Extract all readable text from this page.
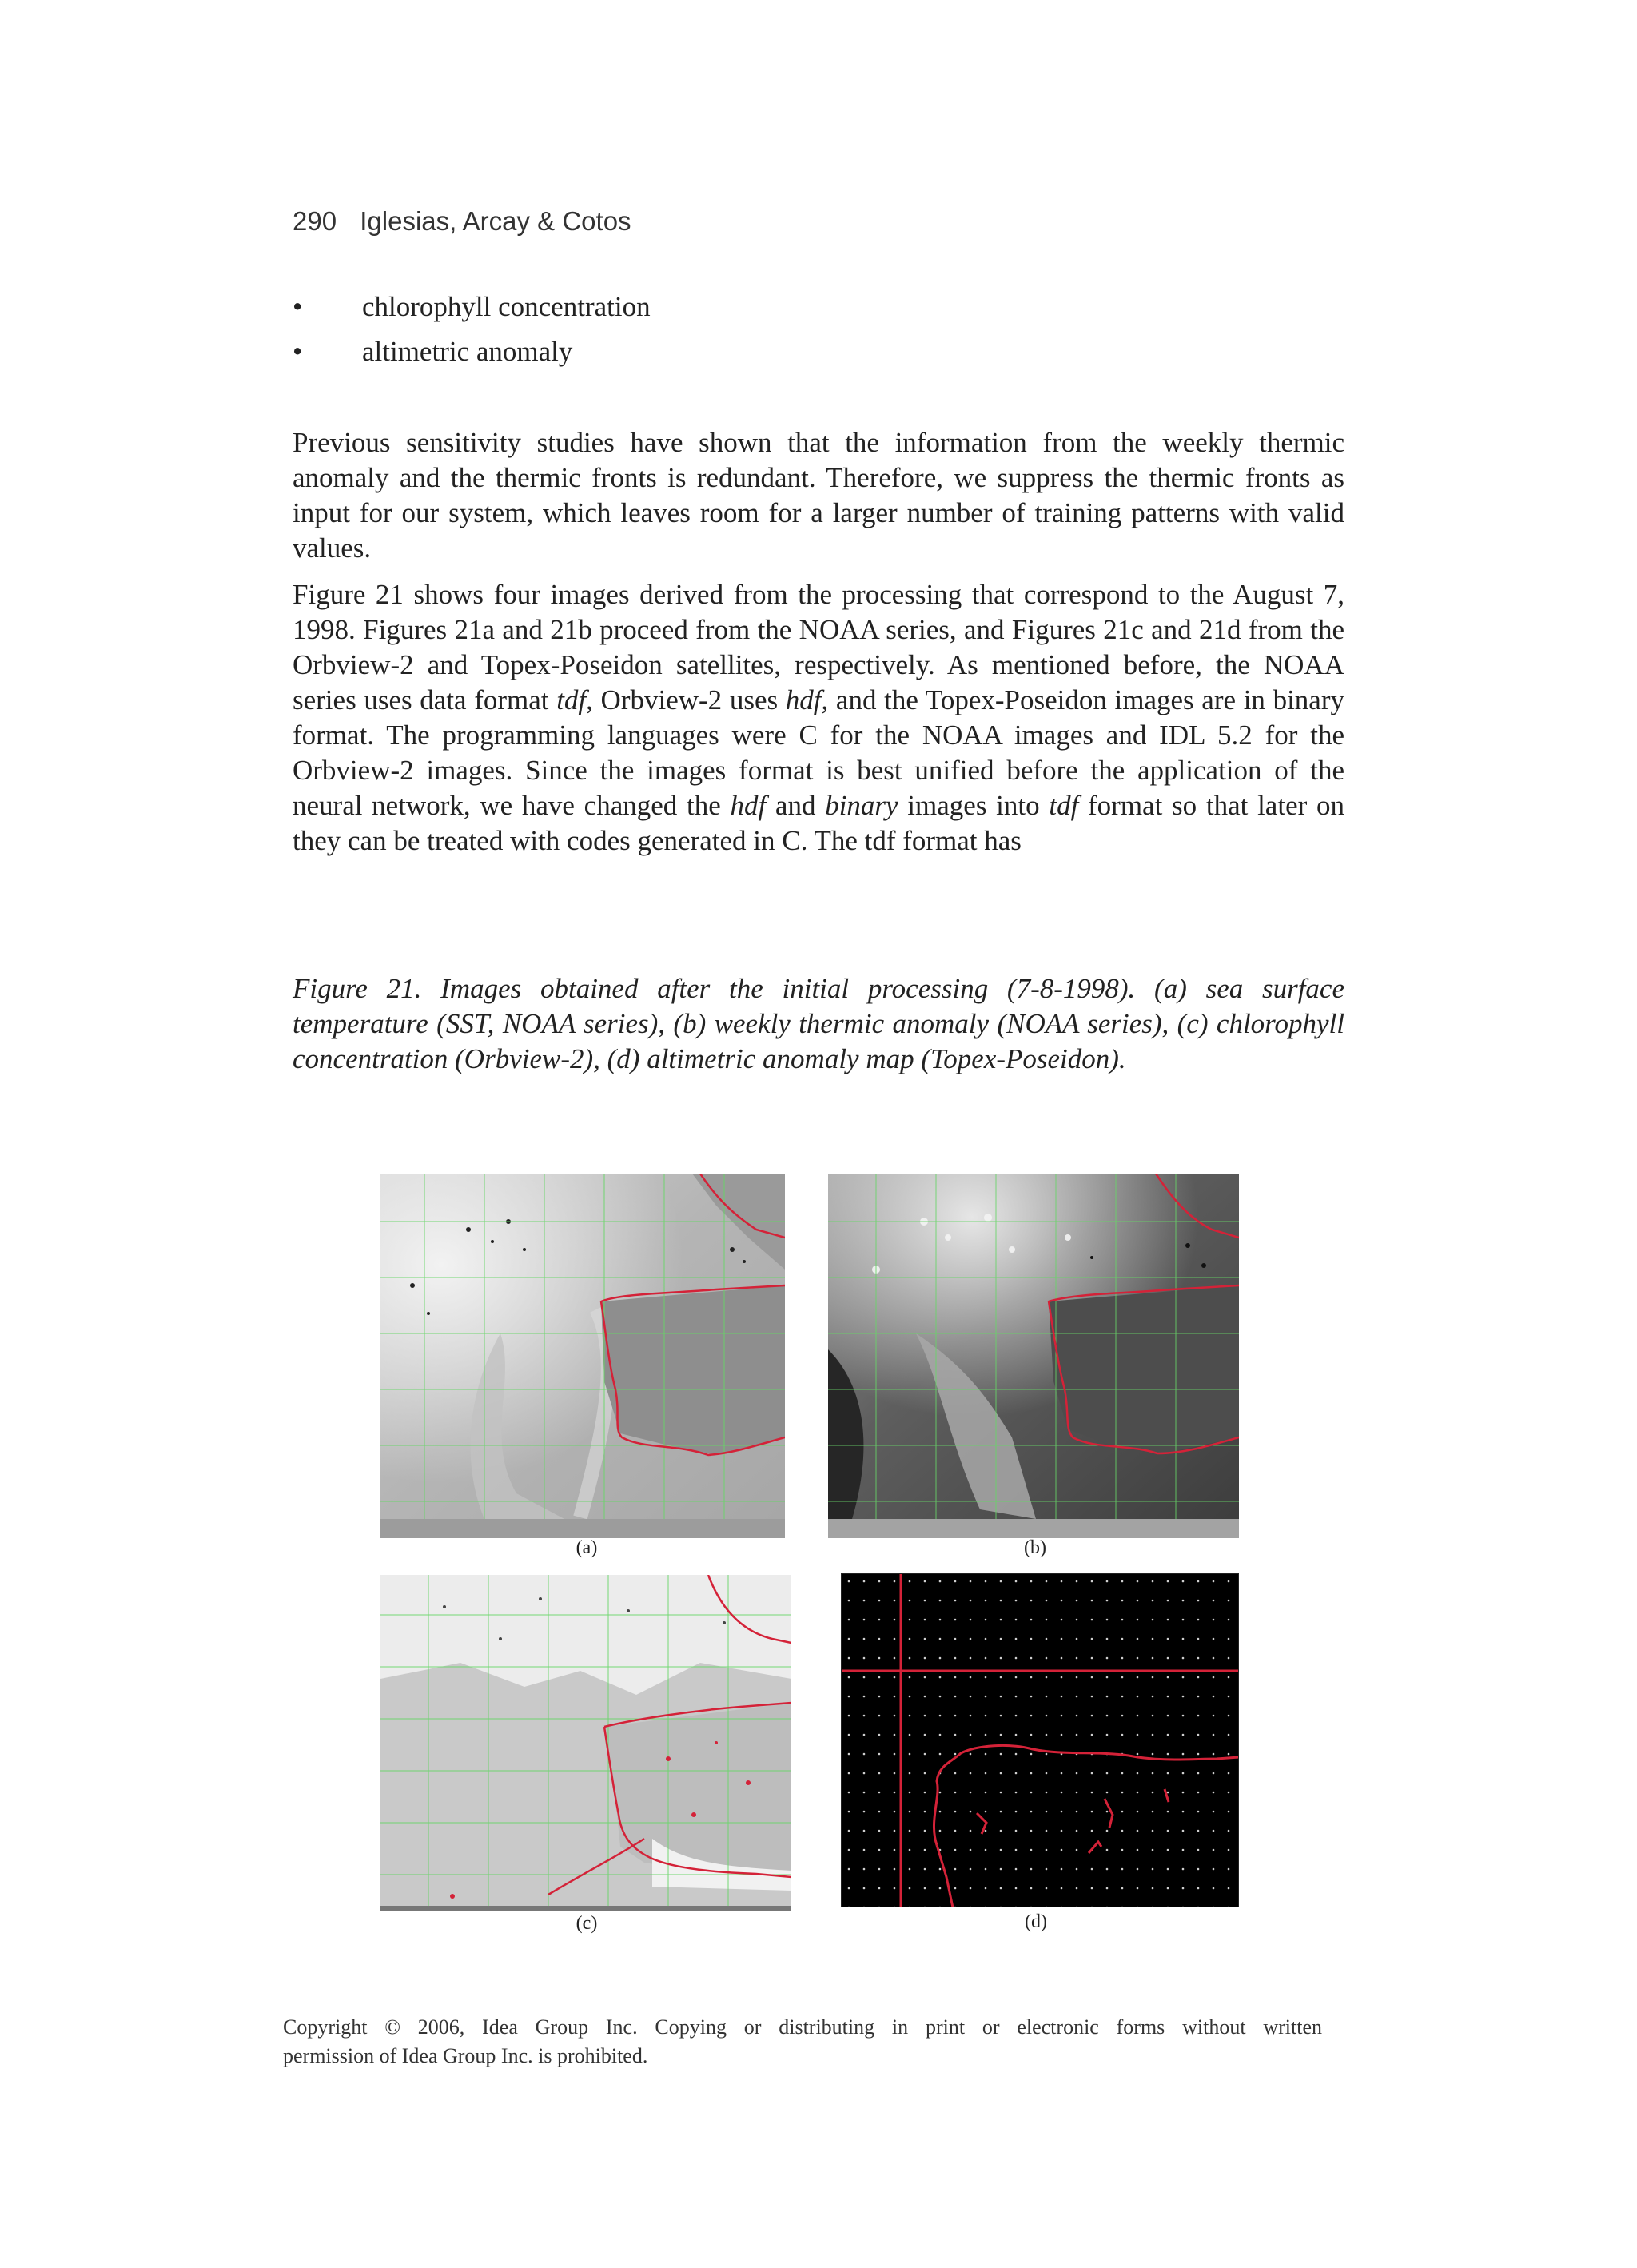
290 Iglesias, Arcay & Cotos
• chlorophyll concentration
• altimetric anomaly

Previous sensitivity studies have shown that the information from the weekly thermic anomaly and the thermic fronts is redundant. Therefore, we suppress the thermic fronts as input for our system, which leaves room for a larger number of training patterns with valid values.

Figure 21 shows four images derived from the processing that correspond to the August 7, 1998. Figures 21a and 21b proceed from the NOAA series, and Figures 21c and 21d from the Orbview-2 and Topex-Poseidon satellites, respectively. As mentioned before, the NOAA series uses data format tdf, Orbview-2 uses hdf, and the Topex-Poseidon images are in binary format. The programming languages were C for the NOAA images and IDL 5.2 for the Orbview-2 images. Since the images format is best unified before the application of the neural network, we have changed the hdf and binary images into tdf format so that later on they can be treated with codes generated in C. The tdf format has

Figure 21. Images obtained after the initial processing (7-8-1998). (a) sea surface temperature (SST, NOAA series), (b) weekly thermic anomaly (NOAA series), (c) chlorophyll concentration (Orbview-2), (d) altimetric anomaly map (Topex-Poseidon).

(a)	(b)
(c)	(d)
Copyright © 2006, Idea Group Inc. Copying or distributing in print or electronic forms without written
permission of Idea Group Inc. is prohibited.
